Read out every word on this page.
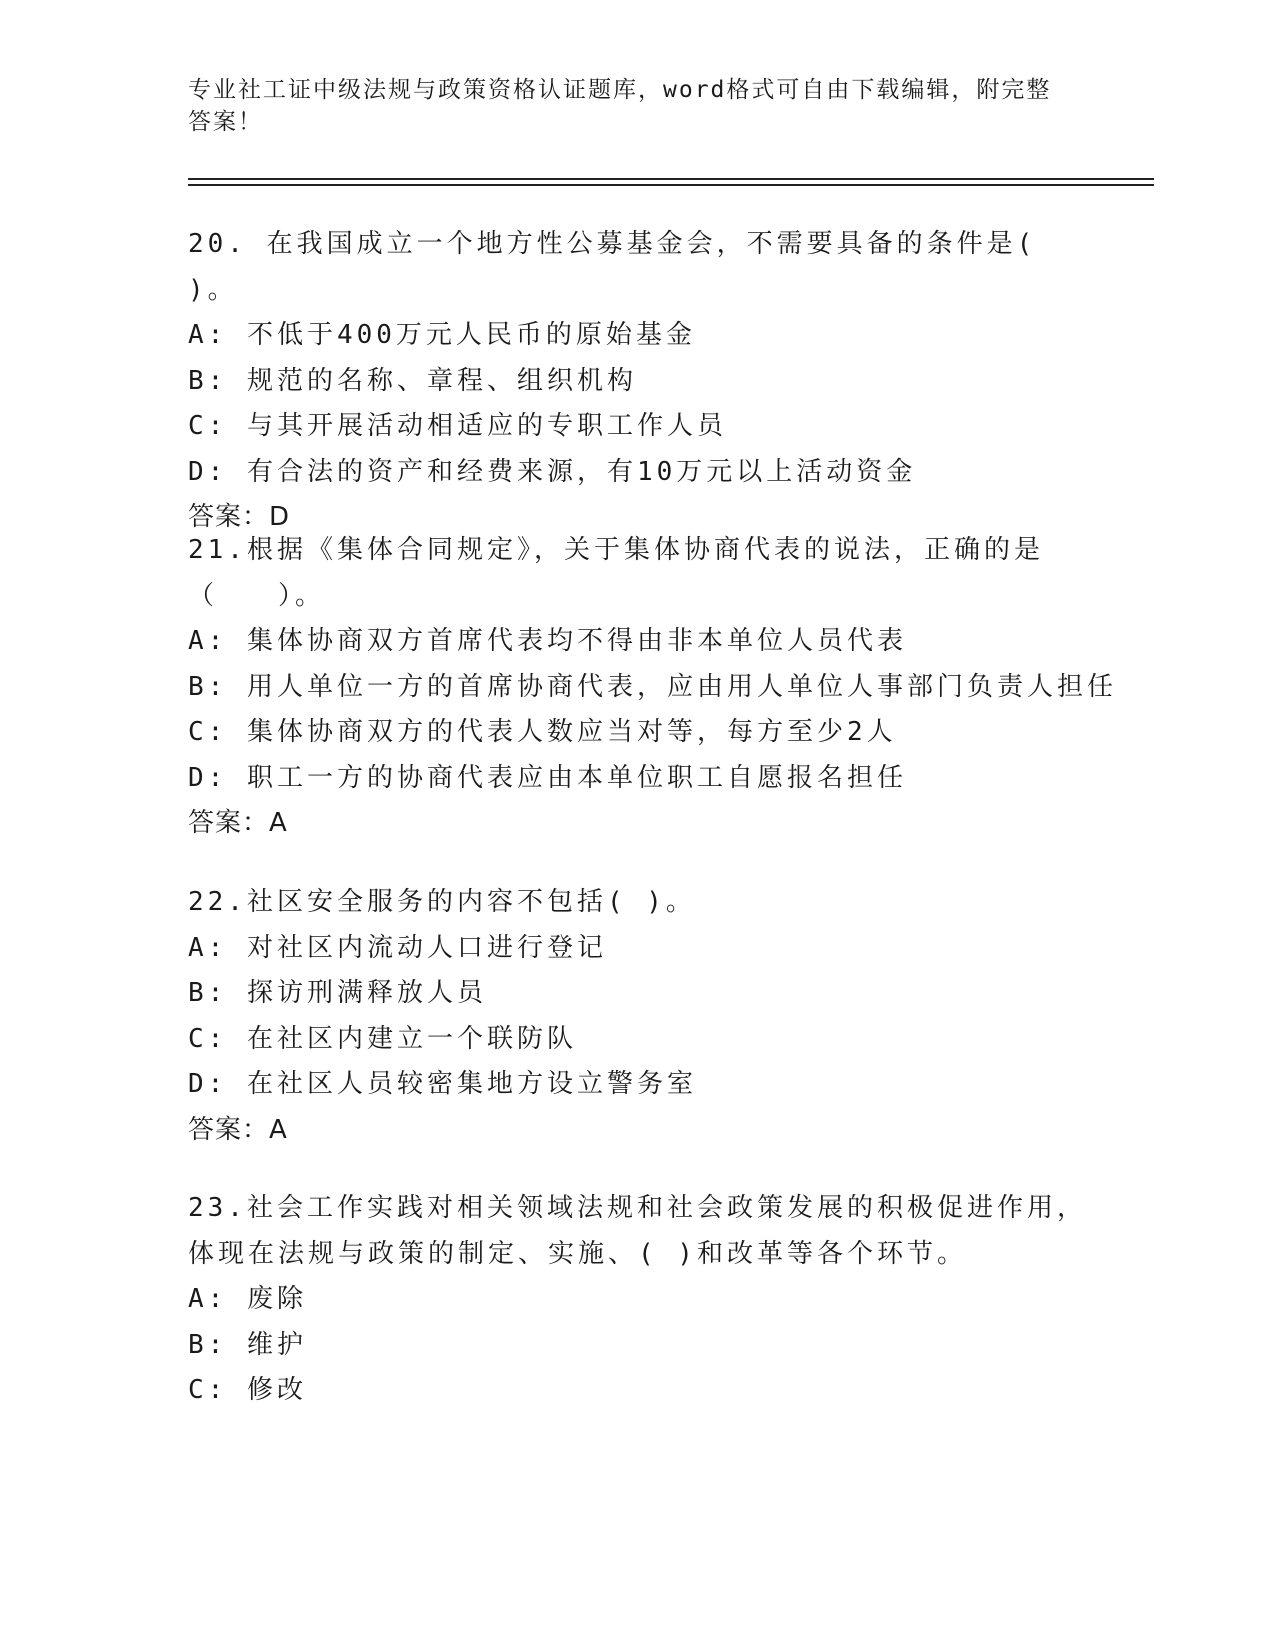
专业社工证中级法规与政策资格认证题库，word格式可自由下载编辑，附完整答案！
20. 在我国成立一个地方性公募基金会，不需要具备的条件是(　 )。
A: 不低于400万元人民币的原始基金
B: 规范的名称、章程、组织机构
C: 与其开展活动相适应的专职工作人员
D: 有合法的资产和经费来源，有10万元以上活动资金
答案：D
21.根据《集体合同规定》，关于集体协商代表的说法，正确的是（　　）。
A: 集体协商双方首席代表均不得由非本单位人员代表
B: 用人单位一方的首席协商代表，应由用人单位人事部门负责人担任
C: 集体协商双方的代表人数应当对等，每方至少2人
D: 职工一方的协商代表应由本单位职工自愿报名担任
答案：A
22.社区安全服务的内容不包括( )。
A: 对社区内流动人口进行登记
B: 探访刑满释放人员
C: 在社区内建立一个联防队
D: 在社区人员较密集地方设立警务室
答案：A
23.社会工作实践对相关领域法规和社会政策发展的积极促进作用，体现在法规与政策的制定、实施、( )和改革等各个环节。
A: 废除
B: 维护
C: 修改
